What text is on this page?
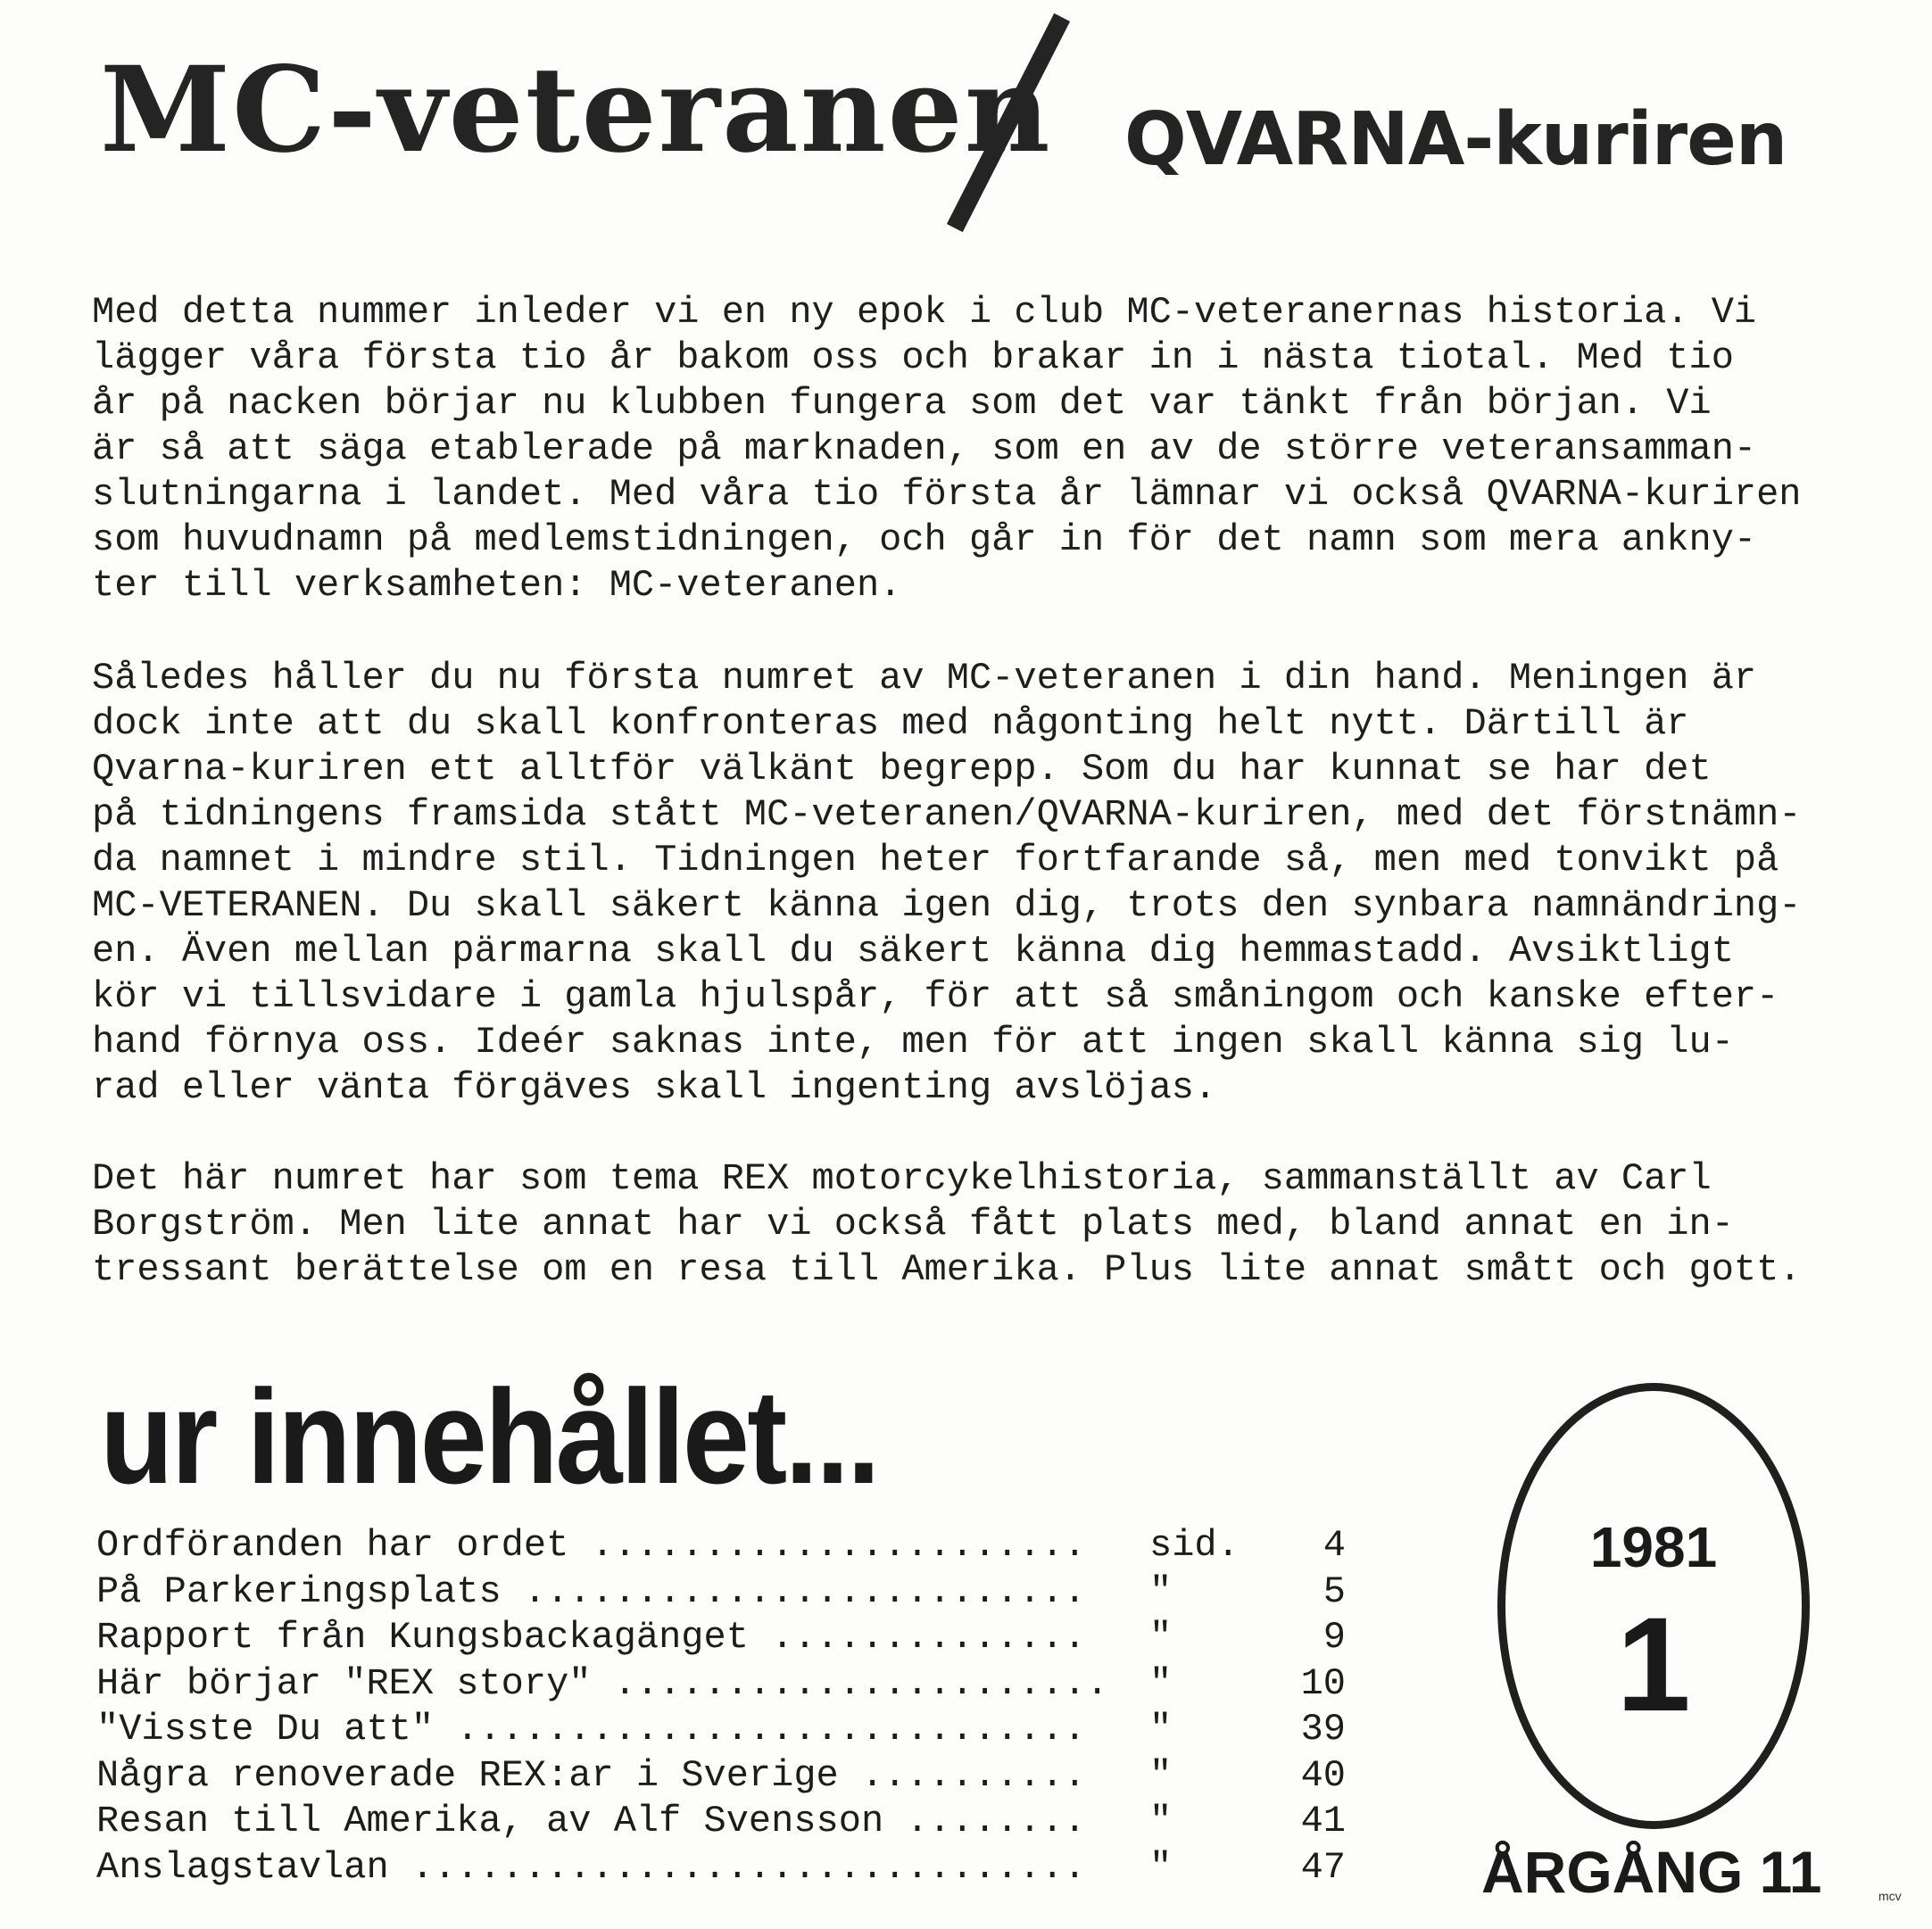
MC-veteranen QVARNA-kuriren
Med detta nummer inleder vi en ny epok i club MC-veteranernas historia. Vi
lägger våra första tio år bakom oss och brakar in i nästa tiotal. Med tio
år på nacken börjar nu klubben fungera som det var tänkt från början. Vi
är så att säga etablerade på marknaden, som en av de större veteransamman-
slutningarna i landet. Med våra tio första år lämnar vi också QVARNA-kuriren
som huvudnamn på medlemstidningen, och går in för det namn som mera ankny-
ter till verksamheten: MC-veteranen.
Således håller du nu första numret av MC-veteranen i din hand. Meningen är
dock inte att du skall konfronteras med någonting helt nytt. Därtill är
Qvarna-kuriren ett alltför välkänt begrepp. Som du har kunnat se har det
på tidningens framsida stått MC-veteranen/QVARNA-kuriren, med det förstnämn-
da namnet i mindre stil. Tidningen heter fortfarande så, men med tonvikt på
MC-VETERANEN. Du skall säkert känna igen dig, trots den synbara namnändring-
en. Även mellan pärmarna skall du säkert känna dig hemmastadd. Avsiktligt
kör vi tillsvidare i gamla hjulspår, för att så småningom och kanske efter-
hand förnya oss. Ideér saknas inte, men för att ingen skall känna sig lu-
rad eller vänta förgäves skall ingenting avslöjas.
Det här numret har som tema REX motorcykelhistoria, sammanställt av Carl
Borgström. Men lite annat har vi också fått plats med, bland annat en in-
tressant berättelse om en resa till Amerika. Plus lite annat smått och gott.
ur innehållet...
Ordföranden har ordet ...................... sid.	4
På Parkeringsplats ......................... "	5
Rapport från Kungsbackagänget .............. "	9
Här börjar "REX story" ...................... "	10
"Visste Du att" ............................ "	39
Några renoverade REX:ar i Sverige .......... "	40
Resan till Amerika, av Alf Svensson ........ "	41
Anslagstavlan .............................. "	47
1981
1
ÅRGÅNG 11	mcv
